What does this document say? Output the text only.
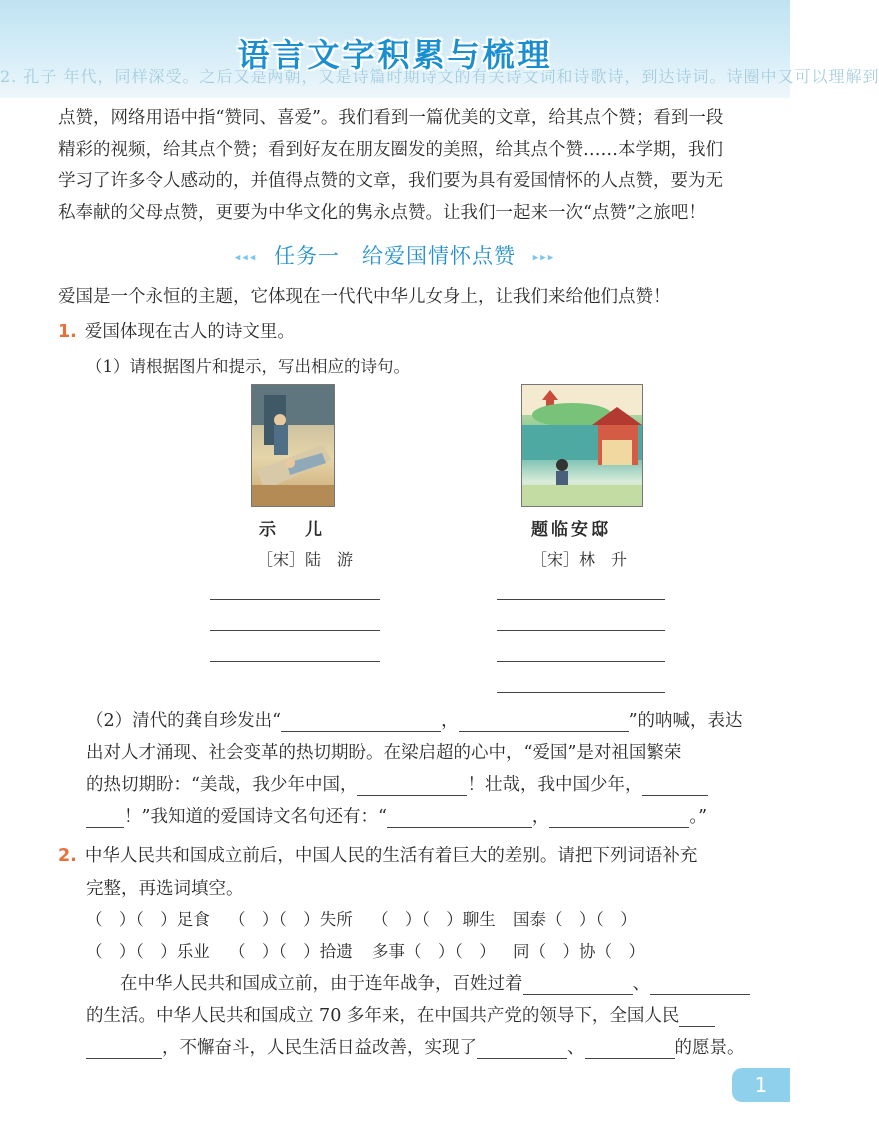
2. 孔子 年代，同样深受。之后又是两朝，又是诗篇时期诗文的有关诗文词和诗歌诗，到达诗词。诗圈中又可以理解到
语言文字积累与梳理
点赞，网络用语中指“赞同、喜爱”。我们看到一篇优美的文章，给其点个赞；看到一段精彩的视频，给其点个赞；看到好友在朋友圈发的美照，给其点个赞……本学期，我们学习了许多令人感动的，并值得点赞的文章，我们要为具有爱国情怀的人点赞，要为无私奉献的父母点赞，更要为中华文化的隽永点赞。让我们一起来一次“点赞”之旅吧！
◂◂◂ 任务一　给爱国情怀点赞 ▸▸▸
爱国是一个永恒的主题，它体现在一代代中华儿女身上，让我们来给他们点赞！
1. 爱国体现在古人的诗文里。
（1）请根据图片和提示，写出相应的诗句。
示　儿
［宋］陆　游
题临安邸
［宋］林　升
（2）清代的龚自珍发出“	，	”的呐喊，表达
出对人才涌现、社会变革的热切期盼。在梁启超的心中，“爱国”是对祖国繁荣
的热切期盼：“美哉，我少年中国，	！壮哉，我中国少年，
！”我知道的爱国诗文名句还有：“	，	。”
2. 中华人民共和国成立前后，中国人民的生活有着巨大的差别。请把下列词语补充
完整，再选词填空。
（　）（　）足食 （　）（　）失所 （　）（　）聊生 国泰（　）（　）
（　）（　）乐业 （　）（　）拾遗 多事（　）（　） 同（　）协（　）
在中华人民共和国成立前，由于连年战争，百姓过着	、
的生活。中华人民共和国成立 70 多年来，在中国共产党的领导下，全国人民
，不懈奋斗，人民生活日益改善，实现了	、	的愿景。
1
